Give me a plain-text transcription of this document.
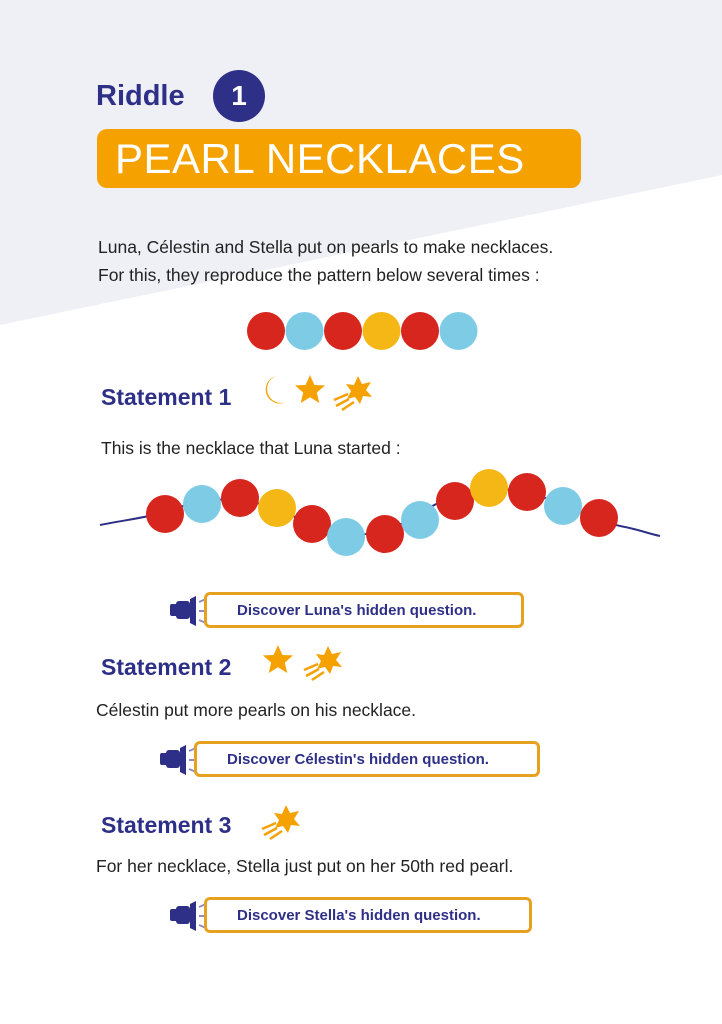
Riddle	1
PEARL NECKLACES
Luna, Célestin and Stella put on pearls to make necklaces.
For this, they reproduce the pattern below several times :
Statement 1
This is the necklace that Luna started :
Discover Luna's hidden question.
Statement 2
Célestin put more pearls on his necklace.
Discover Célestin's hidden question.
Statement 3
For her necklace, Stella just put on her 50th red pearl.
Discover Stella's hidden question.
